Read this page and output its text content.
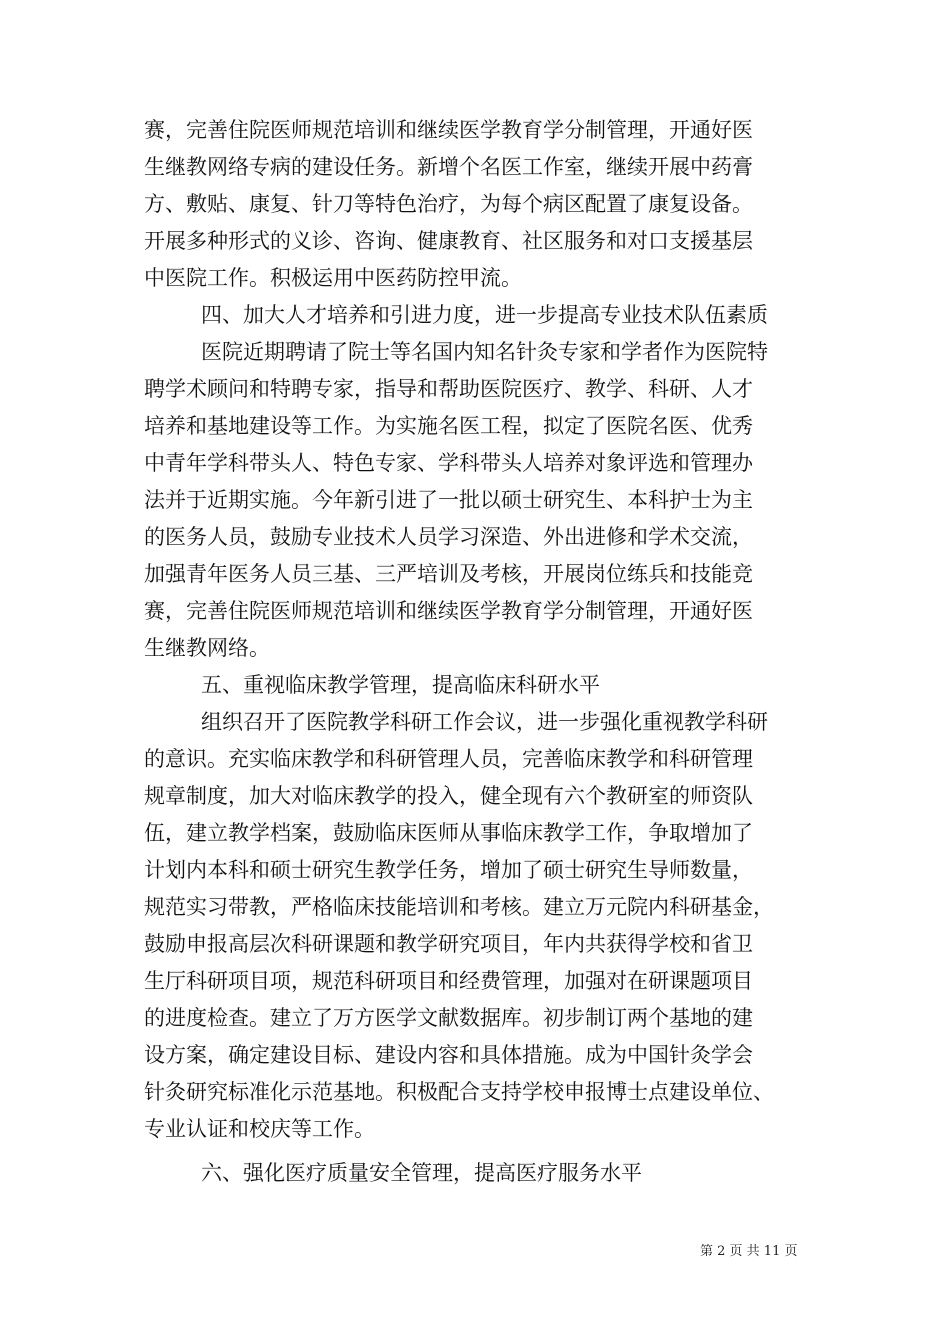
赛，完善住院医师规范培训和继续医学教育学分制管理，开通好医
生继教网络专病的建设任务。新增个名医工作室，继续开展中药膏
方、敷贴、康复、针刀等特色治疗，为每个病区配置了康复设备。
开展多种形式的义诊、咨询、健康教育、社区服务和对口支援基层
中医院工作。积极运用中医药防控甲流。
四、加大人才培养和引进力度，进一步提高专业技术队伍素质
医院近期聘请了院士等名国内知名针灸专家和学者作为医院特
聘学术顾问和特聘专家，指导和帮助医院医疗、教学、科研、人才
培养和基地建设等工作。为实施名医工程，拟定了医院名医、优秀
中青年学科带头人、特色专家、学科带头人培养对象评选和管理办
法并于近期实施。今年新引进了一批以硕士研究生、本科护士为主
的医务人员，鼓励专业技术人员学习深造、外出进修和学术交流，
加强青年医务人员三基、三严培训及考核，开展岗位练兵和技能竞
赛，完善住院医师规范培训和继续医学教育学分制管理，开通好医
生继教网络。
五、重视临床教学管理，提高临床科研水平
组织召开了医院教学科研工作会议，进一步强化重视教学科研
的意识。充实临床教学和科研管理人员，完善临床教学和科研管理
规章制度，加大对临床教学的投入，健全现有六个教研室的师资队
伍，建立教学档案，鼓励临床医师从事临床教学工作，争取增加了
计划内本科和硕士研究生教学任务，增加了硕士研究生导师数量，
规范实习带教，严格临床技能培训和考核。建立万元院内科研基金，
鼓励申报高层次科研课题和教学研究项目，年内共获得学校和省卫
生厅科研项目项，规范科研项目和经费管理，加强对在研课题项目
的进度检查。建立了万方医学文献数据库。初步制订两个基地的建
设方案，确定建设目标、建设内容和具体措施。成为中国针灸学会
针灸研究标准化示范基地。积极配合支持学校申报博士点建设单位、
专业认证和校庆等工作。
六、强化医疗质量安全管理，提高医疗服务水平
第 2 页 共 11 页
